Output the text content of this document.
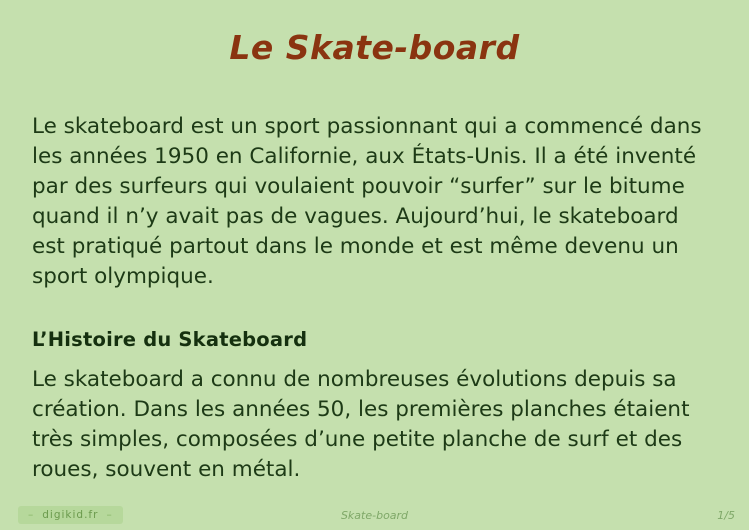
Le Skate-board

Le skateboard est un sport passionnant qui a commencé dans les années 1950 en Californie, aux États-Unis. Il a été inventé par des surfeurs qui voulaient pouvoir “surfer” sur le bitume quand il n’y avait pas de vagues. Aujourd’hui, le skateboard est pratiqué partout dans le monde et est même devenu un sport olympique.

L’Histoire du Skateboard

Le skateboard a connu de nombreuses évolutions depuis sa création. Dans les années 50, les premières planches étaient très simples, composées d’une petite planche de surf et des roues, souvent en métal.

– digikid.fr –	Skate-board	1/5
